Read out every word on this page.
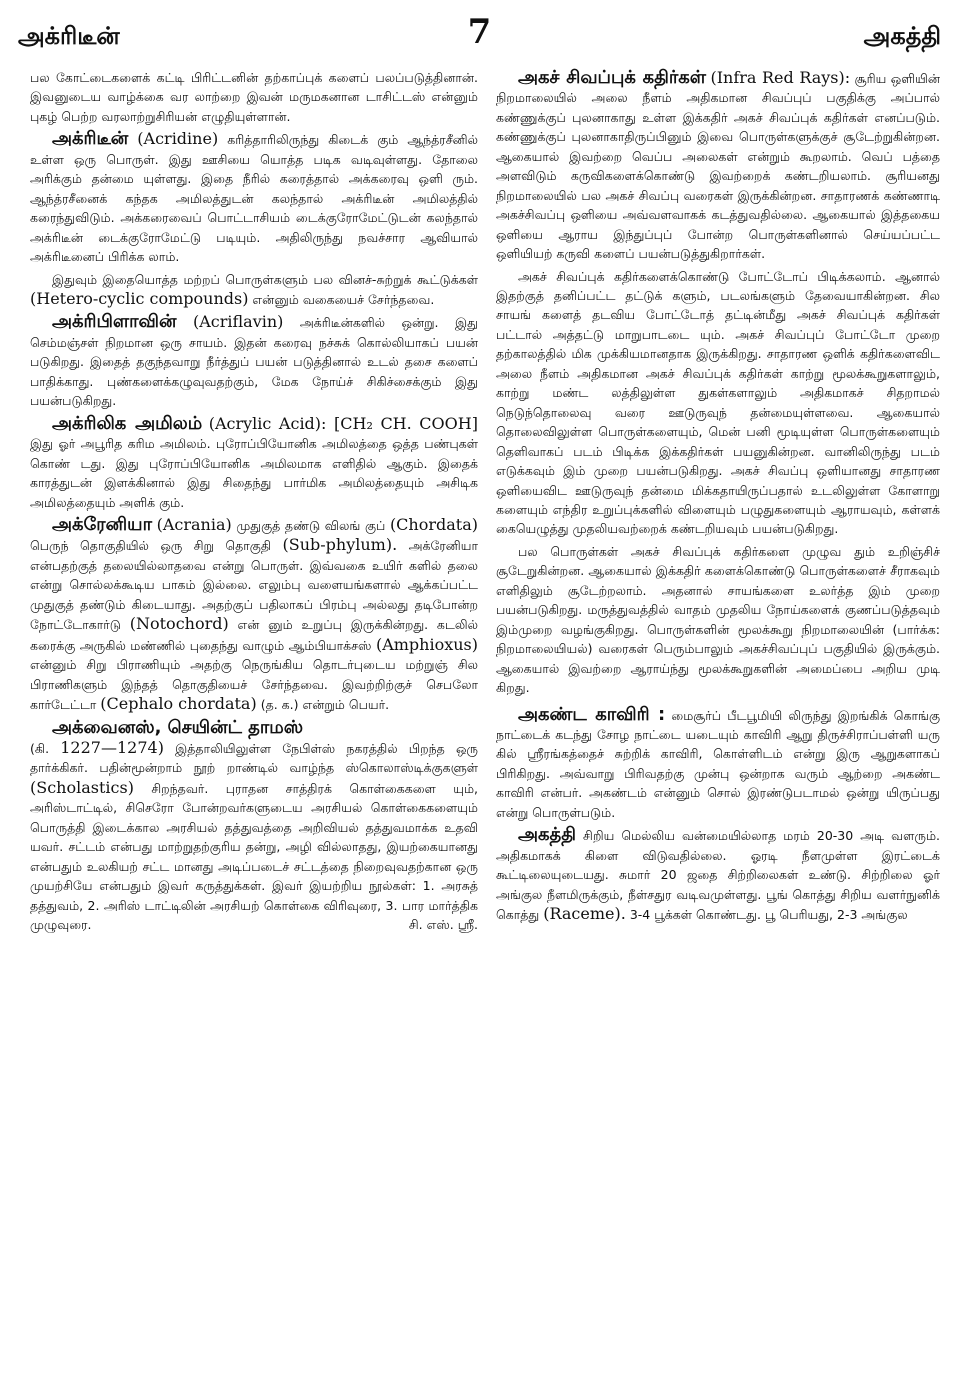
அக்ரிடீன்	7	அகத்தி

பல கோட்டைகளைக் கட்டி பிரிட்டனின் தற்காப்புக் களைப் பலப்படுத்தினான். இவனுடைய வாழ்க்கை வர லாற்றை இவன் மருமகனான டாசிட்டஸ் என்னும் புகழ் பெற்ற வரலாற்றுசிரியன் எழுதியுள்ளான்.

அக்ரிடீன் (Acridine) கரித்தாரிலிருந்து கிடைக் கும் ஆந்த்ரசீனில் உள்ள ஒரு பொருள். இது ஊசியை யொத்த படிக வடிவுள்ளது. தோலை அரிக்கும் தன்மை யுள்ளது. இதை நீரில் கரைத்தால் அக்கரைவு ஒளி ரும். ஆந்த்ரசீனைக் கந்தக அமிலத்துடன் கலந்தால் அக்ரிடீன் அமிலத்தில் கரைந்துவிடும். அக்கரைவைப் பொட்டாசியம் டைக்குரோமேட்டுடன் கலந்தால் அக்ரிடீன் டைக்குரோமேட்டு படியும். அதிலிருந்து நவச்சார ஆவியால் அக்ரிடீனைப் பிரிக்க லாம்.

இதுவும் இதையொத்த மற்றப் பொருள்களும் பல வினச்-சுற்றுக் கூட்டுக்கள் (Hetero-cyclic compounds) என்னும் வகையைச் சேர்ந்தவை.

அக்ரிபிளாவின் (Acriflavin) அக்ரிடீன்களில் ஒன்று. இது செம்மஞ்சள் நிறமான ஒரு சாயம். இதன் கரைவு நச்சுக் கொல்லியாகப் பயன் படுகிறது. இதைத் தகுந்தவாறு நீர்த்துப் பயன் படுத்தினால் உடல் தசை களைப் பாதிக்காது. புண்களைக்கழுவுவதற்கும், மேக நோய்ச் சிகிச்சைக்கும் இது பயன்படுகிறது.

அக்ரிலிக அமிலம் (Acrylic Acid): [CH₂ CH. COOH] இது ஓர் அபூரித கரிம அமிலம். புரோப்பியோனிக அமிலத்தை ஒத்த பண்புகள் கொண் டது. இது புரோப்பியோனிக அமிலமாக எளிதில் ஆகும். இதைக் காரத்துடன் இளக்கினால் இது சிதைந்து பார்மிக அமிலத்தையும் அசிடிக அமிலத்தையும் அளிக் கும்.

அக்ரேனியா (Acrania) முதுகுத் தண்டு விலங் குப் (Chordata) பெருந் தொகுதியில் ஒரு சிறு தொகுதி (Sub-phylum). அக்ரேனியா என்பதற்குத் தலையில்லாதவை என்று பொருள். இவ்வகை உயிர் களில் தலை என்று சொல்லக்கூடிய பாகம் இல்லை. எலும்பு வளையங்களால் ஆக்கப்பட்ட முதுகுத் தண்டும் கிடையாது. அதற்குப் பதிலாகப் பிரம்பு அல்லது தடிபோன்ற நோட்டோகார்டு (Notochord) என் னும் உறுப்பு இருக்கின்றது. கடலில் கரைக்கு அருகில் மண்ணில் புதைந்து வாழும் ஆம்பியாக்சஸ் (Amphioxus) என்னும் சிறு பிராணியும் அதற்கு நெருங்கிய தொடர்புடைய மற்றுஞ் சில பிராணிகளும் இந்தத் தொகுதியைச் சேர்ந்தவை. இவற்றிற்குச் செபலோ கார்டேட்டா (Cephalo chordata) (த. க.) என்றும் பெயர்.

அக்வைனஸ், செயின்ட் தாமஸ்
(கி. 1227—1274) இத்தாலியிலுள்ள நேபிள்ஸ் நகரத்தில் பிறந்த ஒரு தார்க்கிகர். பதின்மூன்றாம் நூற் றாண்டில் வாழ்ந்த ஸ்கொலாஸ்டிக்குகளுள் (Scholastics) சிறந்தவர். புராதன சாத்திரக் கொள்கைகளை யும், அரிஸ்டாட்டில், சிசெரோ போன்றவர்களுடைய அரசியல் கொள்கைகளையும் பொருத்தி இடைக்கால அரசியல் தத்துவத்தை அறிவியல் தத்துவமாக்க உதவி யவர். சட்டம் என்பது மாற்றுதற்குரிய தன்று, அழி வில்லாதது, இயற்கையானது என்பதும் உலகியற் சட்ட மானது அடிப்படைச் சட்டத்தை நிறைவுவதற்கான ஒரு முயற்சியே என்பதும் இவர் கருத்துக்கள். இவர் இயற்றிய நூல்கள்: 1. அரசுத் தத்துவம், 2. அரிஸ் டாட்டிலின் அரசியற் கொள்கை விரிவுரை, 3. பார மார்த்திக முழுவுரை.	சி. எஸ். ஸ்ரீ.

அகச் சிவப்புக் கதிர்கள் (Infra Red Rays): சூரிய ஒளியின் நிறமாலையில் அலை நீளம் அதிகமான சிவப்புப் பகுதிக்கு அப்பால் கண்ணுக்குப் புலனாகாது உள்ள இக்கதிர் அகச் சிவப்புக் கதிர்கள் எனப்படும். கண்ணுக்குப் புலனாகாதிருப்பினும் இவை பொருள்களுக்குச் சூடேற்றுகின்றன. ஆகையால் இவற்றை வெப்ப அலைகள் என்றும் கூறலாம். வெப் பத்தை அளவிடும் கருவிகளைக்கொண்டு இவற்றைக் கண்டறியலாம். சூரியனது நிறமாலையில் பல அகச் சிவப்பு வரைகள் இருக்கின்றன. சாதாரணக் கண்ணாடி அகச்சிவப்பு ஒளியை அவ்வளவாகக் கடத்துவதில்லை. ஆகையால் இத்தகைய ஒளியை ஆராய இந்துப்புப் போன்ற பொருள்களினால் செய்யப்பட்ட ஒளியியற் கருவி களைப் பயன்படுத்துகிறார்கள்.

அகச் சிவப்புக் கதிர்களைக்கொண்டு போட்டோப் பிடிக்கலாம். ஆனால் இதற்குத் தனிப்பட்ட தட்டுக் களும், படலங்களும் தேவையாகின்றன. சில சாயங் களைத் தடவிய போட்டோத் தட்டின்மீது அகச் சிவப்புக் கதிர்கள் பட்டால் அத்தட்டு மாறுபாடடை யும். அகச் சிவப்புப் போட்டோ முறை தற்காலத்தில் மிக முக்கியமானதாக இருக்கிறது. சாதாரண ஒளிக் கதிர்களைவிட அலை நீளம் அதிகமான அகச் சிவப்புக் கதிர்கள் காற்று மூலக்கூறுகளாலும், காற்று மண்ட லத்திலுள்ள துகள்களாலும் அதிகமாகச் சிதறாமல் நெடுந்தொலைவு வரை ஊடுருவுந் தன்மையுள்ளவை. ஆகையால் தொலைவிலுள்ள பொருள்களையும், மென் பனி மூடியுள்ள பொருள்களையும் தெளிவாகப் படம் பிடிக்க இக்கதிர்கள் பயனுகின்றன. வானிலிருந்து படம் எடுக்கவும் இம் முறை பயன்படுகிறது. அகச் சிவப்பு ஒளியானது சாதாரண ஒளியைவிட ஊடுருவுந் தன்மை மிக்கதாயிருப்பதால் உடலிலுள்ள கோளாறு களையும் எந்திர உறுப்புக்களில் விளையும் பழுதுகளையும் ஆராயவும், கள்ளக் கையெழுத்து முதலியவற்றைக் கண்டறியவும் பயன்படுகிறது.

பல பொருள்கள் அகச் சிவப்புக் கதிர்களை முழுவ தும் உறிஞ்சிச் சூடேறுகின்றன. ஆகையால் இக்கதிர் களைக்கொண்டு பொருள்களைச் சீராகவும் எளிதிலும் சூடேற்றலாம். அதனால் சாயங்களை உலர்த்த இம் முறை பயன்படுகிறது. மருத்துவத்தில் வாதம் முதலிய நோய்களைக் குணப்படுத்தவும் இம்முறை வழங்குகிறது. பொருள்களின் மூலக்கூறு நிறமாலையின் (பார்க்க: நிறமாலையியல்) வரைகள் பெரும்பாலும் அகச்சிவப்புப் பகுதியில் இருக்கும். ஆகையால் இவற்றை ஆராய்ந்து மூலக்கூறுகளின் அமைப்பை அறிய முடி கிறது.

அகண்ட காவிரி : மைசூர்ப் பீடபூமியி லிருந்து இறங்கிக் கொங்கு நாட்டைக் கடந்து சோழ நாட்டை யடையும் காவிரி ஆறு திருச்சிராப்பள்ளி யரு கில் ஸ்ரீரங்கத்தைச் சுற்றிக் காவிரி, கொள்ளிடம் என்று இரு ஆறுகளாகப் பிரிகிறது. அவ்வாறு பிரிவதற்கு முன்பு ஒன்றாக வரும் ஆற்றை அகண்ட காவிரி என்பர். அகண்டம் என்னும் சொல் இரண்டுபடாமல் ஒன்று யிருப்பது என்று பொருள்படும்.

அகத்தி சிறிய மெல்லிய வன்மையில்லாத மரம் 20-30 அடி வளரும். அதிகமாகக் கிளை விடுவதில்லை. ஓரடி நீளமுள்ள இரட்டைக் கூட்டிலையுடையது. சுமார் 20 ஜதை சிற்றிலைகள் உண்டு. சிற்றிலை ஓர் அங்குல நீளமிருக்கும், நீள்சதுர வடிவமுள்ளது. பூங் கொத்து சிறிய வளர்நுனிக் கொத்து (Raceme). 3-4 பூக்கள் கொண்டது. பூ பெரியது, 2-3 அங்குல
